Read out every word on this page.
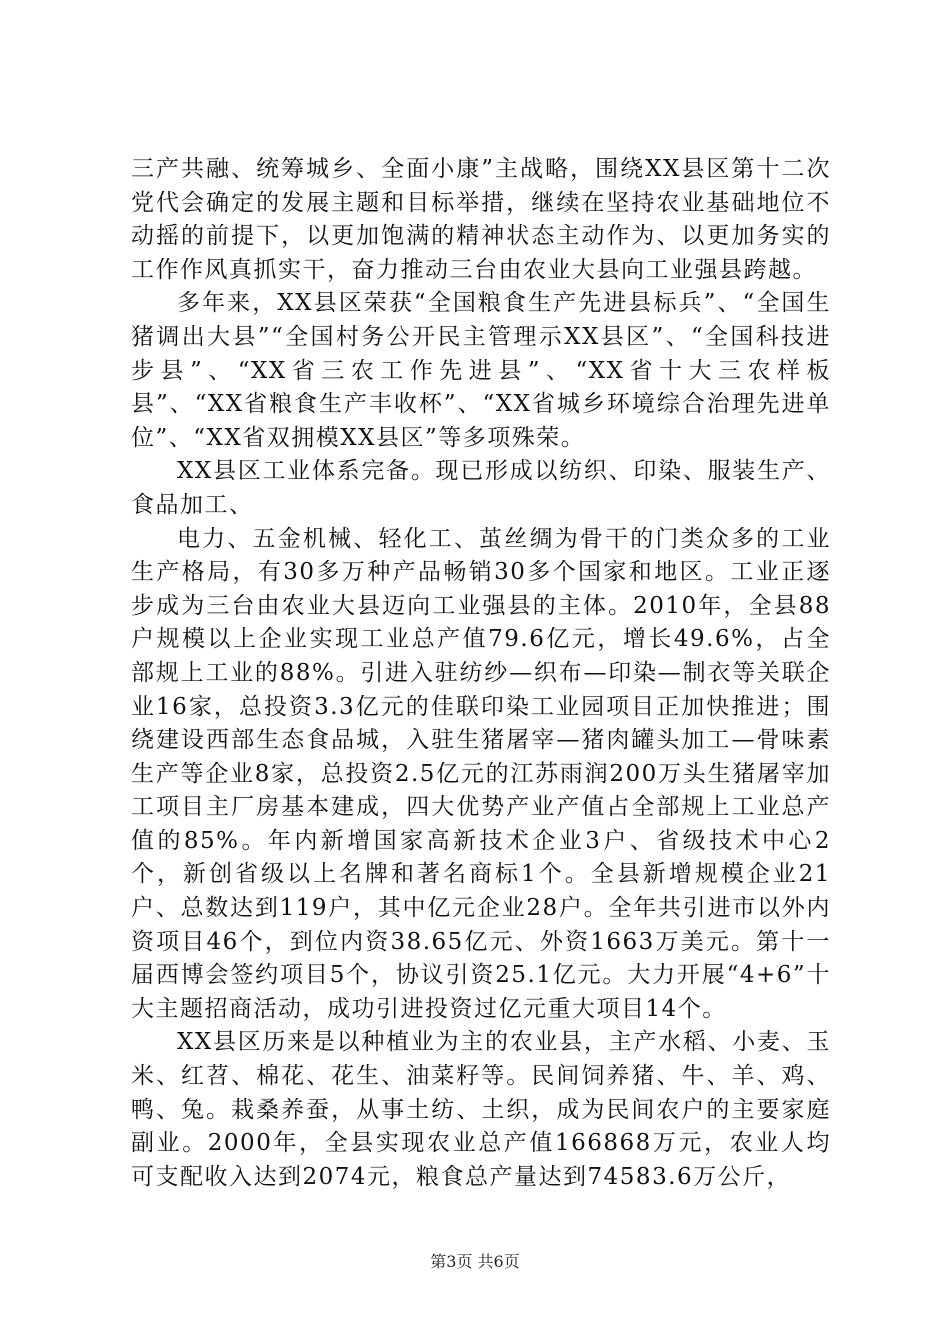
三产共融、统筹城乡、全面小康”主战略，围绕XX县区第十二次党代会确定的发展主题和目标举措，继续在坚持农业基础地位不动摇的前提下，以更加饱满的精神状态主动作为、以更加务实的工作作风真抓实干，奋力推动三台由农业大县向工业强县跨越。

多年来，XX县区荣获“全国粮食生产先进县标兵”、“全国生猪调出大县”“全国村务公开民主管理示XX县区”、“全国科技进步县”、“XX省三农工作先进县”、“XX省十大三农样板县”、“XX省粮食生产丰收杯”、“XX省城乡环境综合治理先进单位”、“XX省双拥模XX县区”等多项殊荣。

XX县区工业体系完备。现已形成以纺织、印染、服装生产、食品加工、

电力、五金机械、轻化工、茧丝绸为骨干的门类众多的工业生产格局，有30多万种产品畅销30多个国家和地区。工业正逐步成为三台由农业大县迈向工业强县的主体。2010年，全县88户规模以上企业实现工业总产值79.6亿元，增长49.6%，占全部规上工业的88%。引进入驻纺纱—织布—印染—制衣等关联企业16家，总投资3.3亿元的佳联印染工业园项目正加快推进；围绕建设西部生态食品城，入驻生猪屠宰—猪肉罐头加工—骨味素生产等企业8家，总投资2.5亿元的江苏雨润200万头生猪屠宰加工项目主厂房基本建成，四大优势产业产值占全部规上工业总产值的85%。年内新增国家高新技术企业3户、省级技术中心2个，新创省级以上名牌和著名商标1个。全县新增规模企业21户、总数达到119户，其中亿元企业28户。全年共引进市以外内资项目46个，到位内资38.65亿元、外资1663万美元。第十一届西博会签约项目5个，协议引资25.1亿元。大力开展“4+6”十大主题招商活动，成功引进投资过亿元重大项目14个。

XX县区历来是以种植业为主的农业县，主产水稻、小麦、玉米、红苕、棉花、花生、油菜籽等。民间饲养猪、牛、羊、鸡、鸭、兔。栽桑养蚕，从事土纺、土织，成为民间农户的主要家庭副业。2000年，全县实现农业总产值166868万元，农业人均可支配收入达到2074元，粮食总产量达到74583.6万公斤，

第3页 共6页
